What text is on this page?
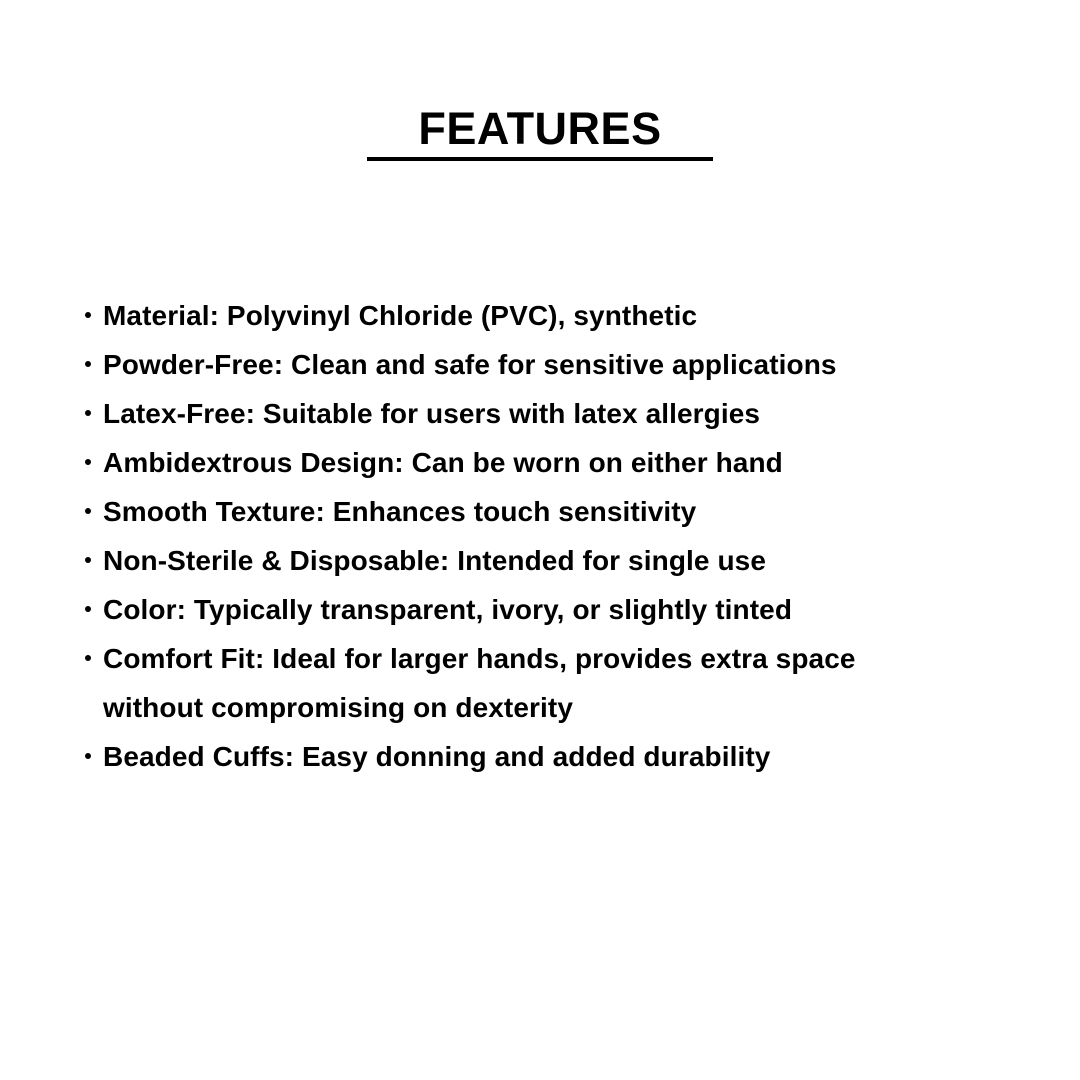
FEATURES
Material: Polyvinyl Chloride (PVC), synthetic
Powder-Free: Clean and safe for sensitive applications
Latex-Free: Suitable for users with latex allergies
Ambidextrous Design: Can be worn on either hand
Smooth Texture: Enhances touch sensitivity
Non-Sterile & Disposable: Intended for single use
Color: Typically transparent, ivory, or slightly tinted
Comfort Fit: Ideal for larger hands, provides extra space
without compromising on dexterity
Beaded Cuffs: Easy donning and added durability
